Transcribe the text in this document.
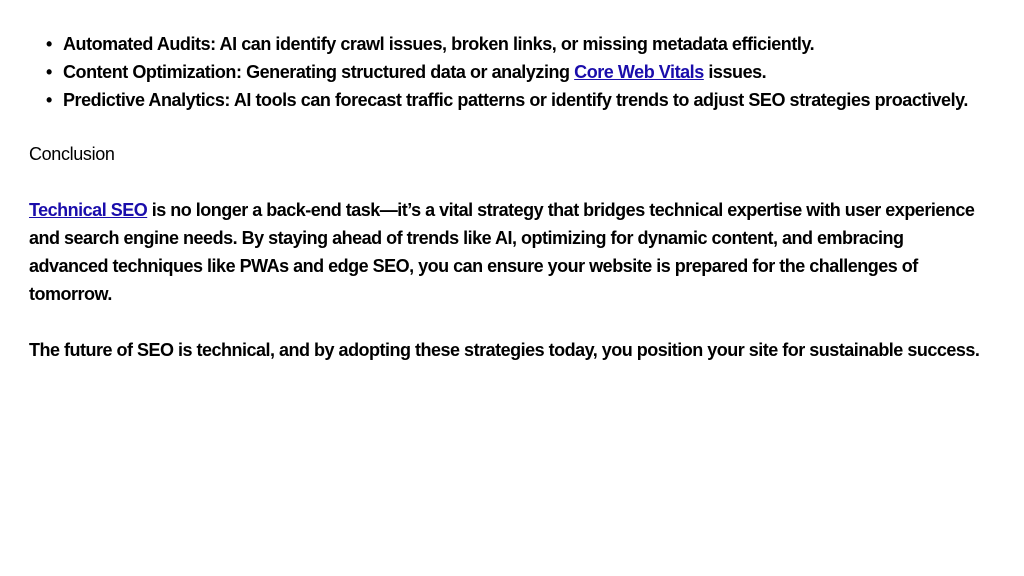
• Automated Audits: AI can identify crawl issues, broken links, or missing metadata efficiently.
• Content Optimization: Generating structured data or analyzing Core Web Vitals issues.
• Predictive Analytics: AI tools can forecast traffic patterns or identify trends to adjust SEO strategies proactively.

Conclusion

Technical SEO is no longer a back-end task—it’s a vital strategy that bridges technical expertise with user experience and search engine needs. By staying ahead of trends like AI, optimizing for dynamic content, and embracing advanced techniques like PWAs and edge SEO, you can ensure your website is prepared for the challenges of tomorrow.

The future of SEO is technical, and by adopting these strategies today, you position your site for sustainable success.
